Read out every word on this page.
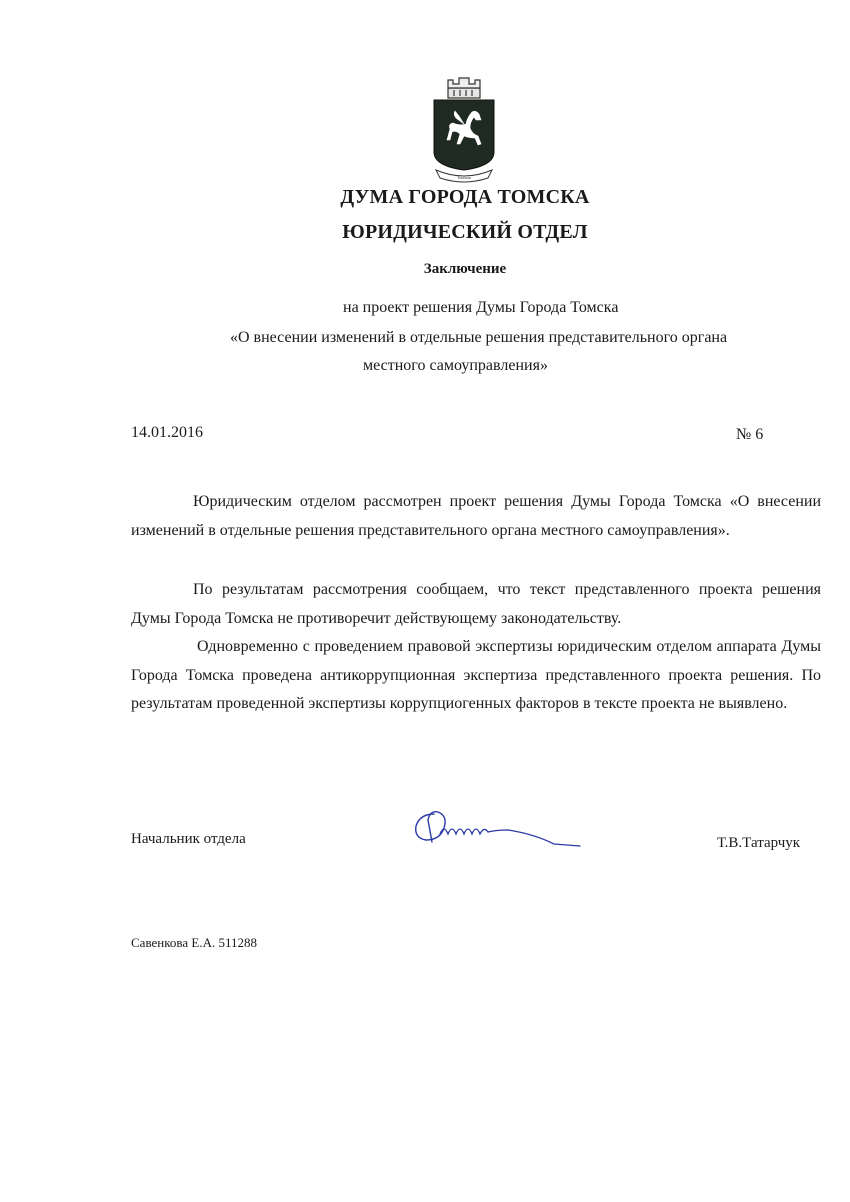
Томская
ДУМА ГОРОДА ТОМСКА
ЮРИДИЧЕСКИЙ ОТДЕЛ
Заключение
на проект решения Думы Города Томска
«О внесении изменений в отдельные решения представительного органа
местного самоуправления»
14.01.2016	№ 6

Юридическим отделом рассмотрен проект решения Думы Города Томска «О внесении изменений в отдельные решения представительного органа местного самоуправления».

По результатам рассмотрения сообщаем, что текст представленного проекта решения Думы Города Томска не противоречит действующему законодательству.

Одновременно с проведением правовой экспертизы юридическим отделом аппарата Думы Города Томска проведена антикоррупционная экспертиза представленного проекта решения. По результатам проведенной экспертизы коррупциогенных факторов в тексте проекта не выявлено.

Начальник отдела	Т.В.Татарчук
Савенкова Е.А. 511288
